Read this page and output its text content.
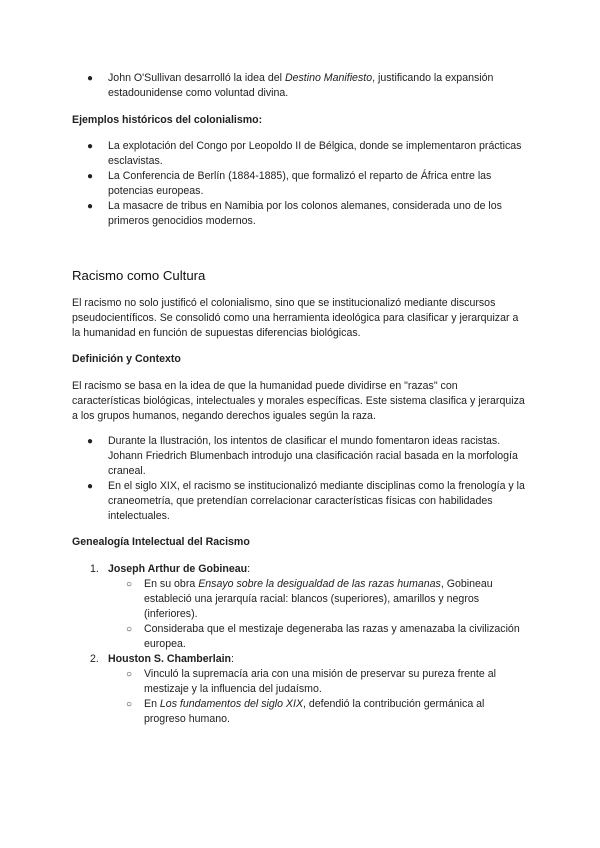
● John O'Sullivan desarrolló la idea del Destino Manifiesto, justificando la expansión estadounidense como voluntad divina.
Ejemplos históricos del colonialismo:
● La explotación del Congo por Leopoldo II de Bélgica, donde se implementaron prácticas esclavistas.
● La Conferencia de Berlín (1884-1885), que formalizó el reparto de África entre las potencias europeas.
● La masacre de tribus en Namibia por los colonos alemanes, considerada uno de los primeros genocidios modernos.
Racismo como Cultura
El racismo no solo justificó el colonialismo, sino que se institucionalizó mediante discursos pseudocientíficos. Se consolidó como una herramienta ideológica para clasificar y jerarquizar a la humanidad en función de supuestas diferencias biológicas.
Definición y Contexto
El racismo se basa en la idea de que la humanidad puede dividirse en "razas" con características biológicas, intelectuales y morales específicas. Este sistema clasifica y jerarquiza a los grupos humanos, negando derechos iguales según la raza.
● Durante la Ilustración, los intentos de clasificar el mundo fomentaron ideas racistas. Johann Friedrich Blumenbach introdujo una clasificación racial basada en la morfología craneal.
● En el siglo XIX, el racismo se institucionalizó mediante disciplinas como la frenología y la craneometría, que pretendían correlacionar características físicas con habilidades intelectuales.
Genealogía Intelectual del Racismo
1. Joseph Arthur de Gobineau:
○ En su obra Ensayo sobre la desigualdad de las razas humanas, Gobineau estableció una jerarquía racial: blancos (superiores), amarillos y negros (inferiores).
○ Consideraba que el mestizaje degeneraba las razas y amenazaba la civilización europea.
2. Houston S. Chamberlain:
○ Vinculó la supremacía aria con una misión de preservar su pureza frente al mestizaje y la influencia del judaísmo.
○ En Los fundamentos del siglo XIX, defendió la contribución germánica al progreso humano.
